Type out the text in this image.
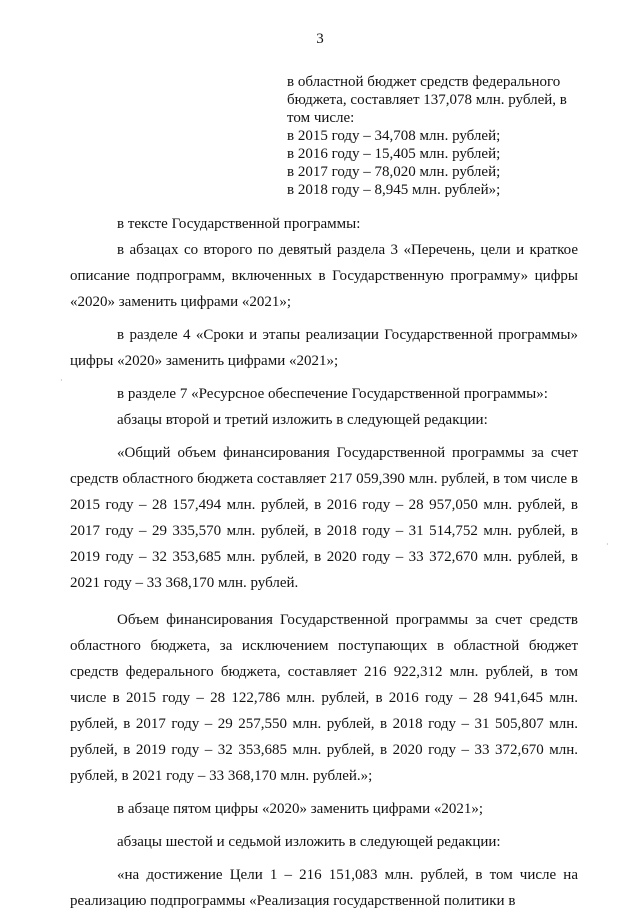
3
в областной бюджет средств федерального
бюджета, составляет 137,078 млн. рублей, в
том числе:
в 2015 году – 34,708 млн. рублей;
в 2016 году – 15,405 млн. рублей;
в 2017 году – 78,020 млн. рублей;
в 2018 году – 8,945 млн. рублей»;

в тексте Государственной программы:

в абзацах со второго по девятый раздела 3 «Перечень, цели и краткое описание подпрограмм, включенных в Государственную программу» цифры «2020» заменить цифрами «2021»;

в разделе 4 «Сроки и этапы реализации Государственной программы» цифры «2020» заменить цифрами «2021»;

в разделе 7 «Ресурсное обеспечение Государственной программы»:

абзацы второй и третий изложить в следующей редакции:

«Общий объем финансирования Государственной программы за счет средств областного бюджета составляет 217 059,390 млн. рублей, в том числе в 2015 году – 28 157,494 млн. рублей, в 2016 году – 28 957,050 млн. рублей, в 2017 году – 29 335,570 млн. рублей, в 2018 году – 31 514,752 млн. рублей, в 2019 году – 32 353,685 млн. рублей, в 2020 году – 33 372,670 млн. рублей, в 2021 году – 33 368,170 млн. рублей.

Объем финансирования Государственной программы за счет средств областного бюджета, за исключением поступающих в областной бюджет средств федерального бюджета, составляет 216 922,312 млн. рублей, в том числе в 2015 году – 28 122,786 млн. рублей, в 2016 году – 28 941,645 млн. рублей, в 2017 году – 29 257,550 млн. рублей, в 2018 году – 31 505,807 млн. рублей, в 2019 году – 32 353,685 млн. рублей, в 2020 году – 33 372,670 млн. рублей, в 2021 году – 33 368,170 млн. рублей.»;

в абзаце пятом цифры «2020» заменить цифрами «2021»;

абзацы шестой и седьмой изложить в следующей редакции:

«на достижение Цели 1 – 216 151,083 млн. рублей, в том числе на реализацию подпрограммы «Реализация государственной политики в

·
·
